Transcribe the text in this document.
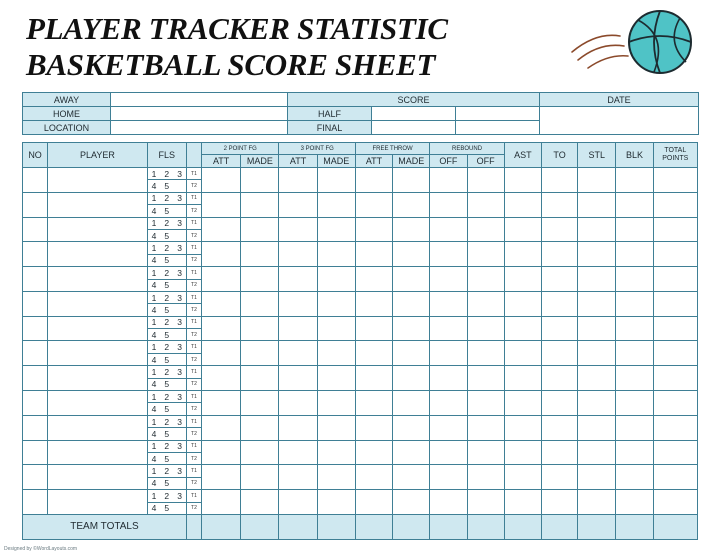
PLAYER TRACKER STATISTIC
BASKETBALL SCORE SHEET
AWAY		SCORE			DATE
HOME		HALF			
LOCATION		FINAL			
NO	PLAYER	FLS				2 POINT FG		3 POINT FG		FREE THROW		REBOUND		AST	TO	STL	BLK	TOTAL POINTS
						ATT	MADE	ATT	MADE	ATT	MADE	OFF	OFF					
		1	2	3	T1													
		4	5		T2													
		1	2	3	T1													
		4	5		T2													
		1	2	3	T1													
		4	5		T2													
		1	2	3	T1													
		4	5		T2													
		1	2	3	T1													
		4	5		T2													
		1	2	3	T1													
		4	5		T2													
		1	2	3	T1													
		4	5		T2													
		1	2	3	T1													
		4	5		T2													
		1	2	3	T1													
		4	5		T2													
		1	2	3	T1													
		4	5		T2													
		1	2	3	T1													
		4	5		T2													
		1	2	3	T1													
		4	5		T2													
		1	2	3	T1													
		4	5		T2													
		1	2	3	T1													
		4	5		T2													
TEAM TOTALS																		

Designed by ©WordLayouts.com
